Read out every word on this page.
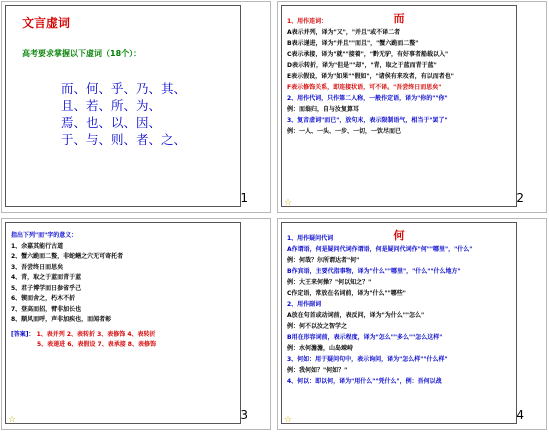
文言虚词
高考要求掌握以下虚词（18个）：
而、何、乎、乃、其、
且、若、所、为、
焉、也、以、因、
于、与、则、者、之、
1
而
1、用作连词：
A表示并列，译为"又"，"并且"或不译二者
B表示递进，译为"并且""而且"，"蟹六跪而二螯"
C表示承接，译为"就""接着"，"黔无驴，有好事者船载以入"
D表示转折，译为"但是""却"，"青，取之于蓝而青于蓝"
E表示假设，译为"如果""假如"，"诸侯有来攻者，有以而者也"
F表示修饰关系，即连接状语，可不译。"吾尝终日而思矣"
2、用作代词，只作第二人称，一般作定语，译为"你的""你"
例：而翁归，自与汝复算耳
3、复音虚词"而已"，放句末，表示限制语气，相当于"罢了"
例：一人、一头、一步、一切，一饮尽而已
☆	2
指出下列"而"字的意义：
1、余嘉其能行古道
2、蟹六跪而二螯，非蛇鳝之穴无可寄托者
3、吾尝终日而思矣
4、青，取之于蓝而青于蓝
5、君子博学而日参省乎己
6、锲而舍之，朽木不折
7、登高而招，臂非加长也
8、顺风而呼，声非加疾也，而闻者彰
[答案]： 1、表并列 2、表转折 3、表修饰 4、表转折
5、表递进 6、表假设 7、表承接 8、表修饰
☆	3
何
1、用作疑问代词
A作谓语，何是疑问代词作谓语，何是疑问代词作"何""哪里"，"什么"
例：何哉？尔所谓达者"何"
B作宾语，主要代指事物，译为"什么""哪里"，"什么""什么地方"
例：大王来何操？"何以知之？"
C作定语，常放在名词前，译为"什么""哪些"
2、用作副词
A放在句首或动词前，表反问，译为"为什么""怎么"
例：何不以汝之智学之
B用在形容词前，表示程度，译为"怎么""多么""怎么这样"
例：水何澹澹，山岛竦峙
3、何如：用于疑问句中，表示询问，译为"怎么样""什么样"
例：我何如？"何如？"
4、何以：即以何，译为"用什么""凭什么"，例：吾何以战
☆	4
